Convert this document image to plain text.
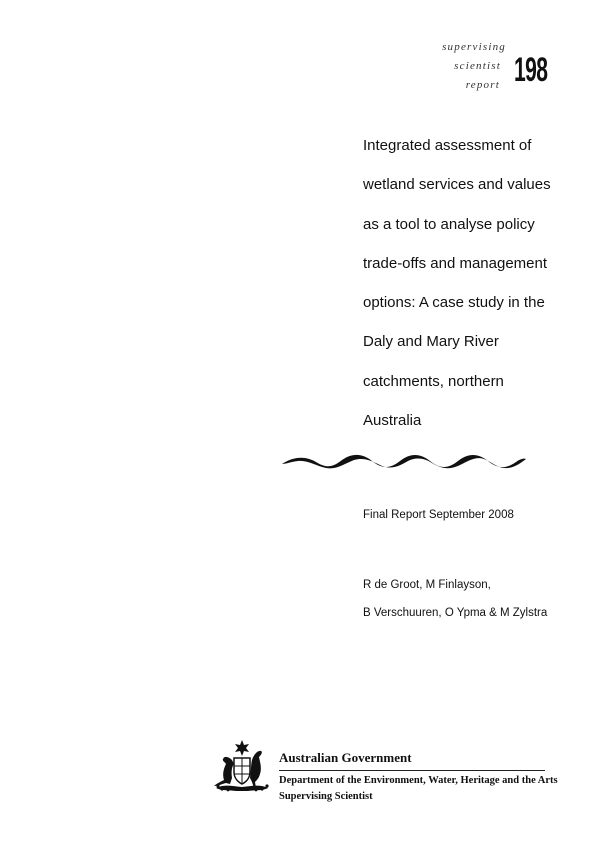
supervising
scientist
report 198
Integrated assessment of
wetland services and values
as a tool to analyse policy
trade-offs and management
options: A case study in the
Daly and Mary River
catchments, northern
Australia
Final Report September 2008
R de Groot, M Finlayson,
B Verschuuren, O Ypma & M Zylstra
Australian Government
Department of the Environment, Water, Heritage and the Arts
Supervising Scientist
